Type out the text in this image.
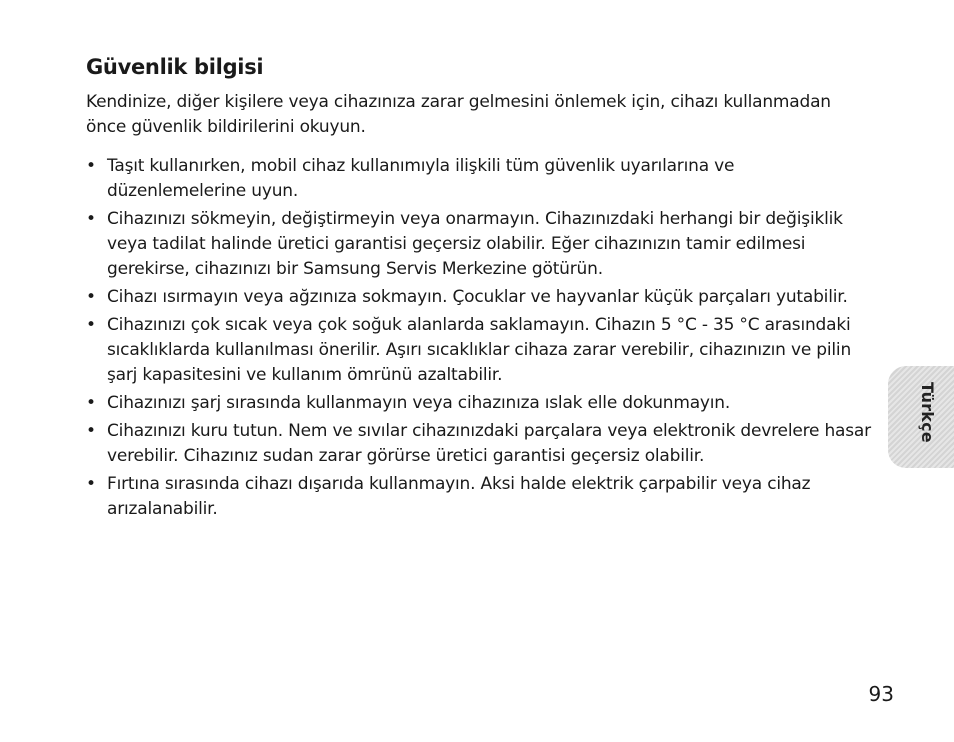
Güvenlik bilgisi

Kendinize, diğer kişilere veya cihazınıza zarar gelmesini önlemek için, cihazı kullanmadan önce güvenlik bildirilerini okuyun.

• Taşıt kullanırken, mobil cihaz kullanımıyla ilişkili tüm güvenlik uyarılarına ve düzenlemelerine uyun.
• Cihazınızı sökmeyin, değiştirmeyin veya onarmayın. Cihazınızdaki herhangi bir değişiklik veya tadilat halinde üretici garantisi geçersiz olabilir. Eğer cihazınızın tamir edilmesi gerekirse, cihazınızı bir Samsung Servis Merkezine götürün.
• Cihazı ısırmayın veya ağzınıza sokmayın. Çocuklar ve hayvanlar küçük parçaları yutabilir.
• Cihazınızı çok sıcak veya çok soğuk alanlarda saklamayın. Cihazın 5 °C - 35 °C arasındaki sıcaklıklarda kullanılması önerilir. Aşırı sıcaklıklar cihaza zarar verebilir, cihazınızın ve pilin şarj kapasitesini ve kullanım ömrünü azaltabilir.
• Cihazınızı şarj sırasında kullanmayın veya cihazınıza ıslak elle dokunmayın.
• Cihazınızı kuru tutun. Nem ve sıvılar cihazınızdaki parçalara veya elektronik devrelere hasar verebilir. Cihazınız sudan zarar görürse üretici garantisi geçersiz olabilir.
• Fırtına sırasında cihazı dışarıda kullanmayın. Aksi halde elektrik çarpabilir veya cihaz arızalanabilir.
Türkçe
93
